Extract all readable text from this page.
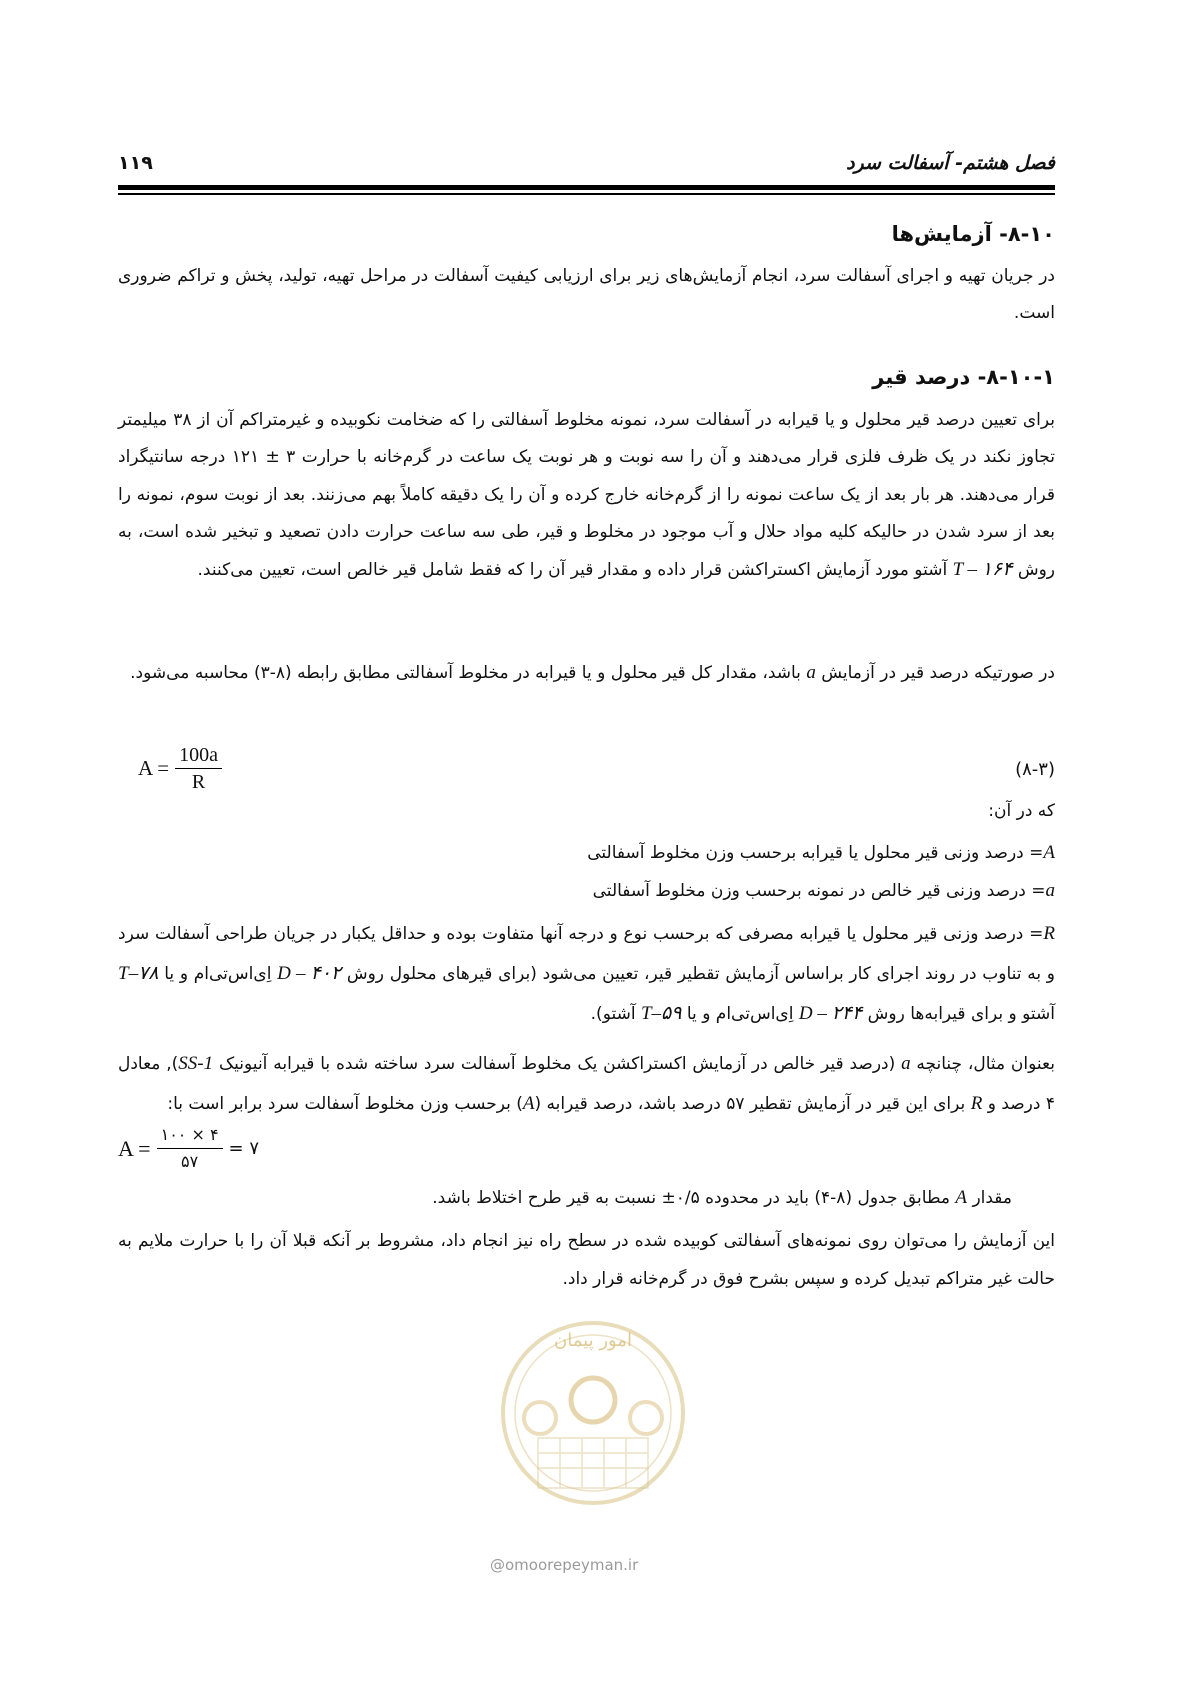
فصل هشتم- آسفالت سرد
۱۱۹
۸-۱۰- آزمایش‌ها
در جریان تهیه و اجرای آسفالت سرد، انجام آزمایش‌های زیر برای ارزیابی کیفیت آسفالت در مراحل تهیه، تولید، پخش و تراکم ضروری است.
۸-۱۰-۱- درصد قیر
برای تعیین درصد قیر محلول و یا قیرابه در آسفالت سرد، نمونه مخلوط آسفالتی را که ضخامت نکوبیده و غیرمتراکم آن از ۳۸ میلیمتر تجاوز نکند در یک ظرف فلزی قرار می‌دهند و آن را سه نوبت و هر نوبت یک ساعت در گرم‌خانه با حرارت ۳ ± ۱۲۱ درجه سانتیگراد قرار می‌دهند. هر بار بعد از یک ساعت نمونه را از گرم‌خانه خارج کرده و آن را یک دقیقه کاملاً بهم می‌زنند. بعد از نوبت سوم، نمونه را بعد از سرد شدن در حالیکه کلیه مواد حلال و آب موجود در مخلوط و قیر، طی سه ساعت حرارت دادن تصعید و تبخیر شده است، به روش T – ۱۶۴ آشتو مورد آزمایش اکستراکشن قرار داده و مقدار قیر آن را که فقط شامل قیر خالص است، تعیین می‌کنند.
در صورتیکه درصد قیر در آزمایش a باشد، مقدار کل قیر محلول و یا قیرابه در مخلوط آسفالتی مطابق رابطه (۸-۳) محاسبه می‌شود.
$A = \frac{100a}{R}$	(۸-۳)
که در آن:
A= درصد وزنی قیر محلول یا قیرابه برحسب وزن مخلوط آسفالتی
a= درصد وزنی قیر خالص در نمونه برحسب وزن مخلوط آسفالتی
R= درصد وزنی قیر محلول یا قیرابه مصرفی که برحسب نوع و درجه آنها متفاوت بوده و حداقل یکبار در جریان طراحی آسفالت سرد و به تناوب در روند اجرای کار براساس آزمایش تقطیر قیر، تعیین می‌شود (برای قیرهای محلول روش D – ۴۰۲ اِی‌اس‌تی‌ام و یا T–۷۸ آشتو و برای قیرابه‌ها روش D – ۲۴۴ اِی‌اس‌تی‌ام و یا T–۵۹ آشتو).
بعنوان مثال، چنانچه a (درصد قیر خالص در آزمایش اکستراکشن یک مخلوط آسفالت سرد ساخته شده با قیرابه آنیونیک SS-1), معادل ۴ درصد و R برای این قیر در آزمایش تقطیر ۵۷ درصد باشد، درصد قیرابه (A) برحسب وزن مخلوط آسفالت سرد برابر است با:
$A = \frac{۴ \times ۱۰۰}{۵۷}$ = ۷
مقدار A مطابق جدول (۸-۴) باید در محدوده ۰/۵± نسبت به قیر طرح اختلاط باشد.
این آزمایش را می‌توان روی نمونه‌های آسفالتی کوبیده شده در سطح راه نیز انجام داد، مشروط بر آنکه قبلا آن را با حرارت ملایم به حالت غیر متراکم تبدیل کرده و سپس بشرح فوق در گرم‌خانه قرار داد.
امور پیمان
@omoorepeyman.ir
